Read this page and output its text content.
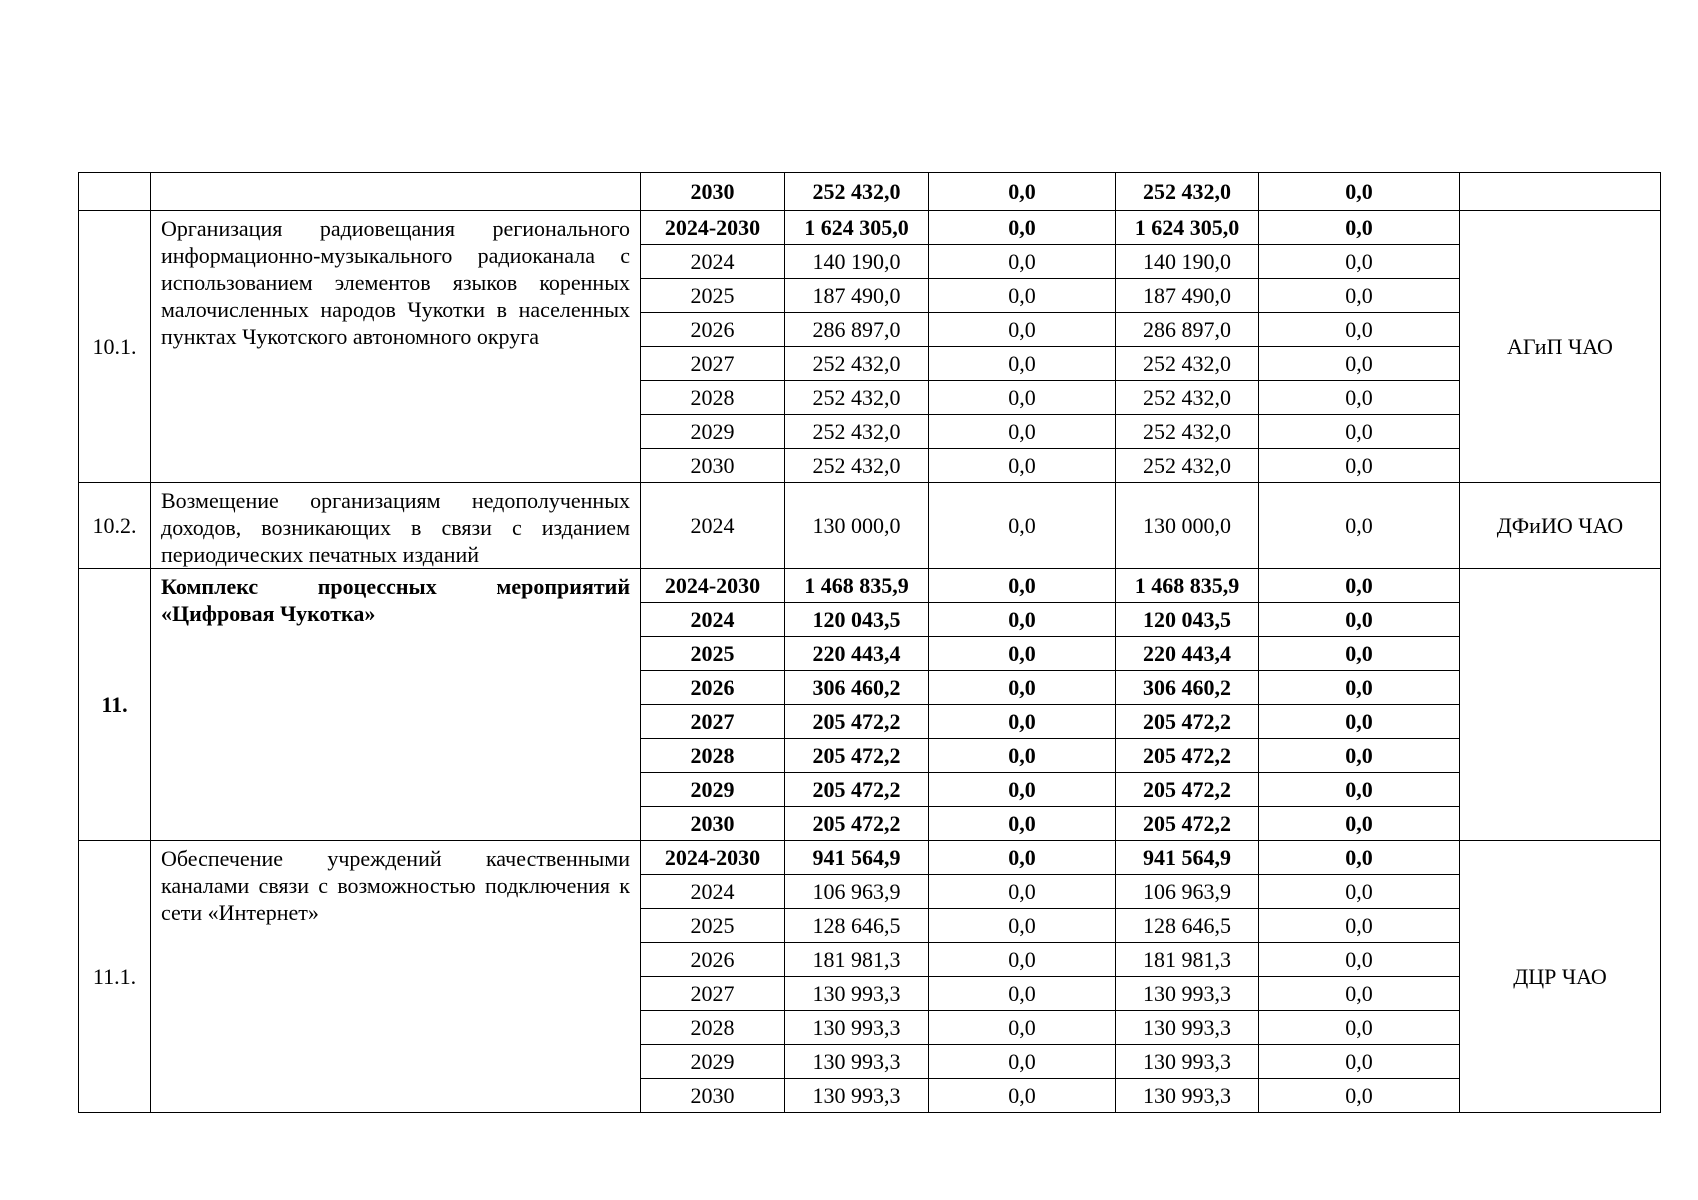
		2030	252 432,0	0,0	252 432,0	0,0	
10.1.	Организация радиовещания регионального информационно-музыкального радиоканала с использованием элементов языков коренных малочисленных народов Чукотки в населенных пунктах Чукотского автономного округа	2024-2030	1 624 305,0	0,0	1 624 305,0	0,0	АГиП ЧАО
		2024	140 190,0	0,0	140 190,0	0,0	
		2025	187 490,0	0,0	187 490,0	0,0	
		2026	286 897,0	0,0	286 897,0	0,0	
		2027	252 432,0	0,0	252 432,0	0,0	
		2028	252 432,0	0,0	252 432,0	0,0	
		2029	252 432,0	0,0	252 432,0	0,0	
		2030	252 432,0	0,0	252 432,0	0,0	
10.2.	Возмещение организациям недополученных доходов, возникающих в связи с изданием периодических печатных изданий	2024	130 000,0	0,0	130 000,0	0,0	ДФиИО ЧАО
11.	Комплекс процессных мероприятий «Цифровая Чукотка»	2024-2030	1 468 835,9	0,0	1 468 835,9	0,0	
		2024	120 043,5	0,0	120 043,5	0,0	
		2025	220 443,4	0,0	220 443,4	0,0	
		2026	306 460,2	0,0	306 460,2	0,0	
		2027	205 472,2	0,0	205 472,2	0,0	
		2028	205 472,2	0,0	205 472,2	0,0	
		2029	205 472,2	0,0	205 472,2	0,0	
		2030	205 472,2	0,0	205 472,2	0,0	
11.1.	Обеспечение учреждений качественными каналами связи с возможностью подключения к сети «Интернет»	2024-2030	941 564,9	0,0	941 564,9	0,0	ДЦР ЧАО
		2024	106 963,9	0,0	106 963,9	0,0	
		2025	128 646,5	0,0	128 646,5	0,0	
		2026	181 981,3	0,0	181 981,3	0,0	
		2027	130 993,3	0,0	130 993,3	0,0	
		2028	130 993,3	0,0	130 993,3	0,0	
		2029	130 993,3	0,0	130 993,3	0,0	
		2030	130 993,3	0,0	130 993,3	0,0	
